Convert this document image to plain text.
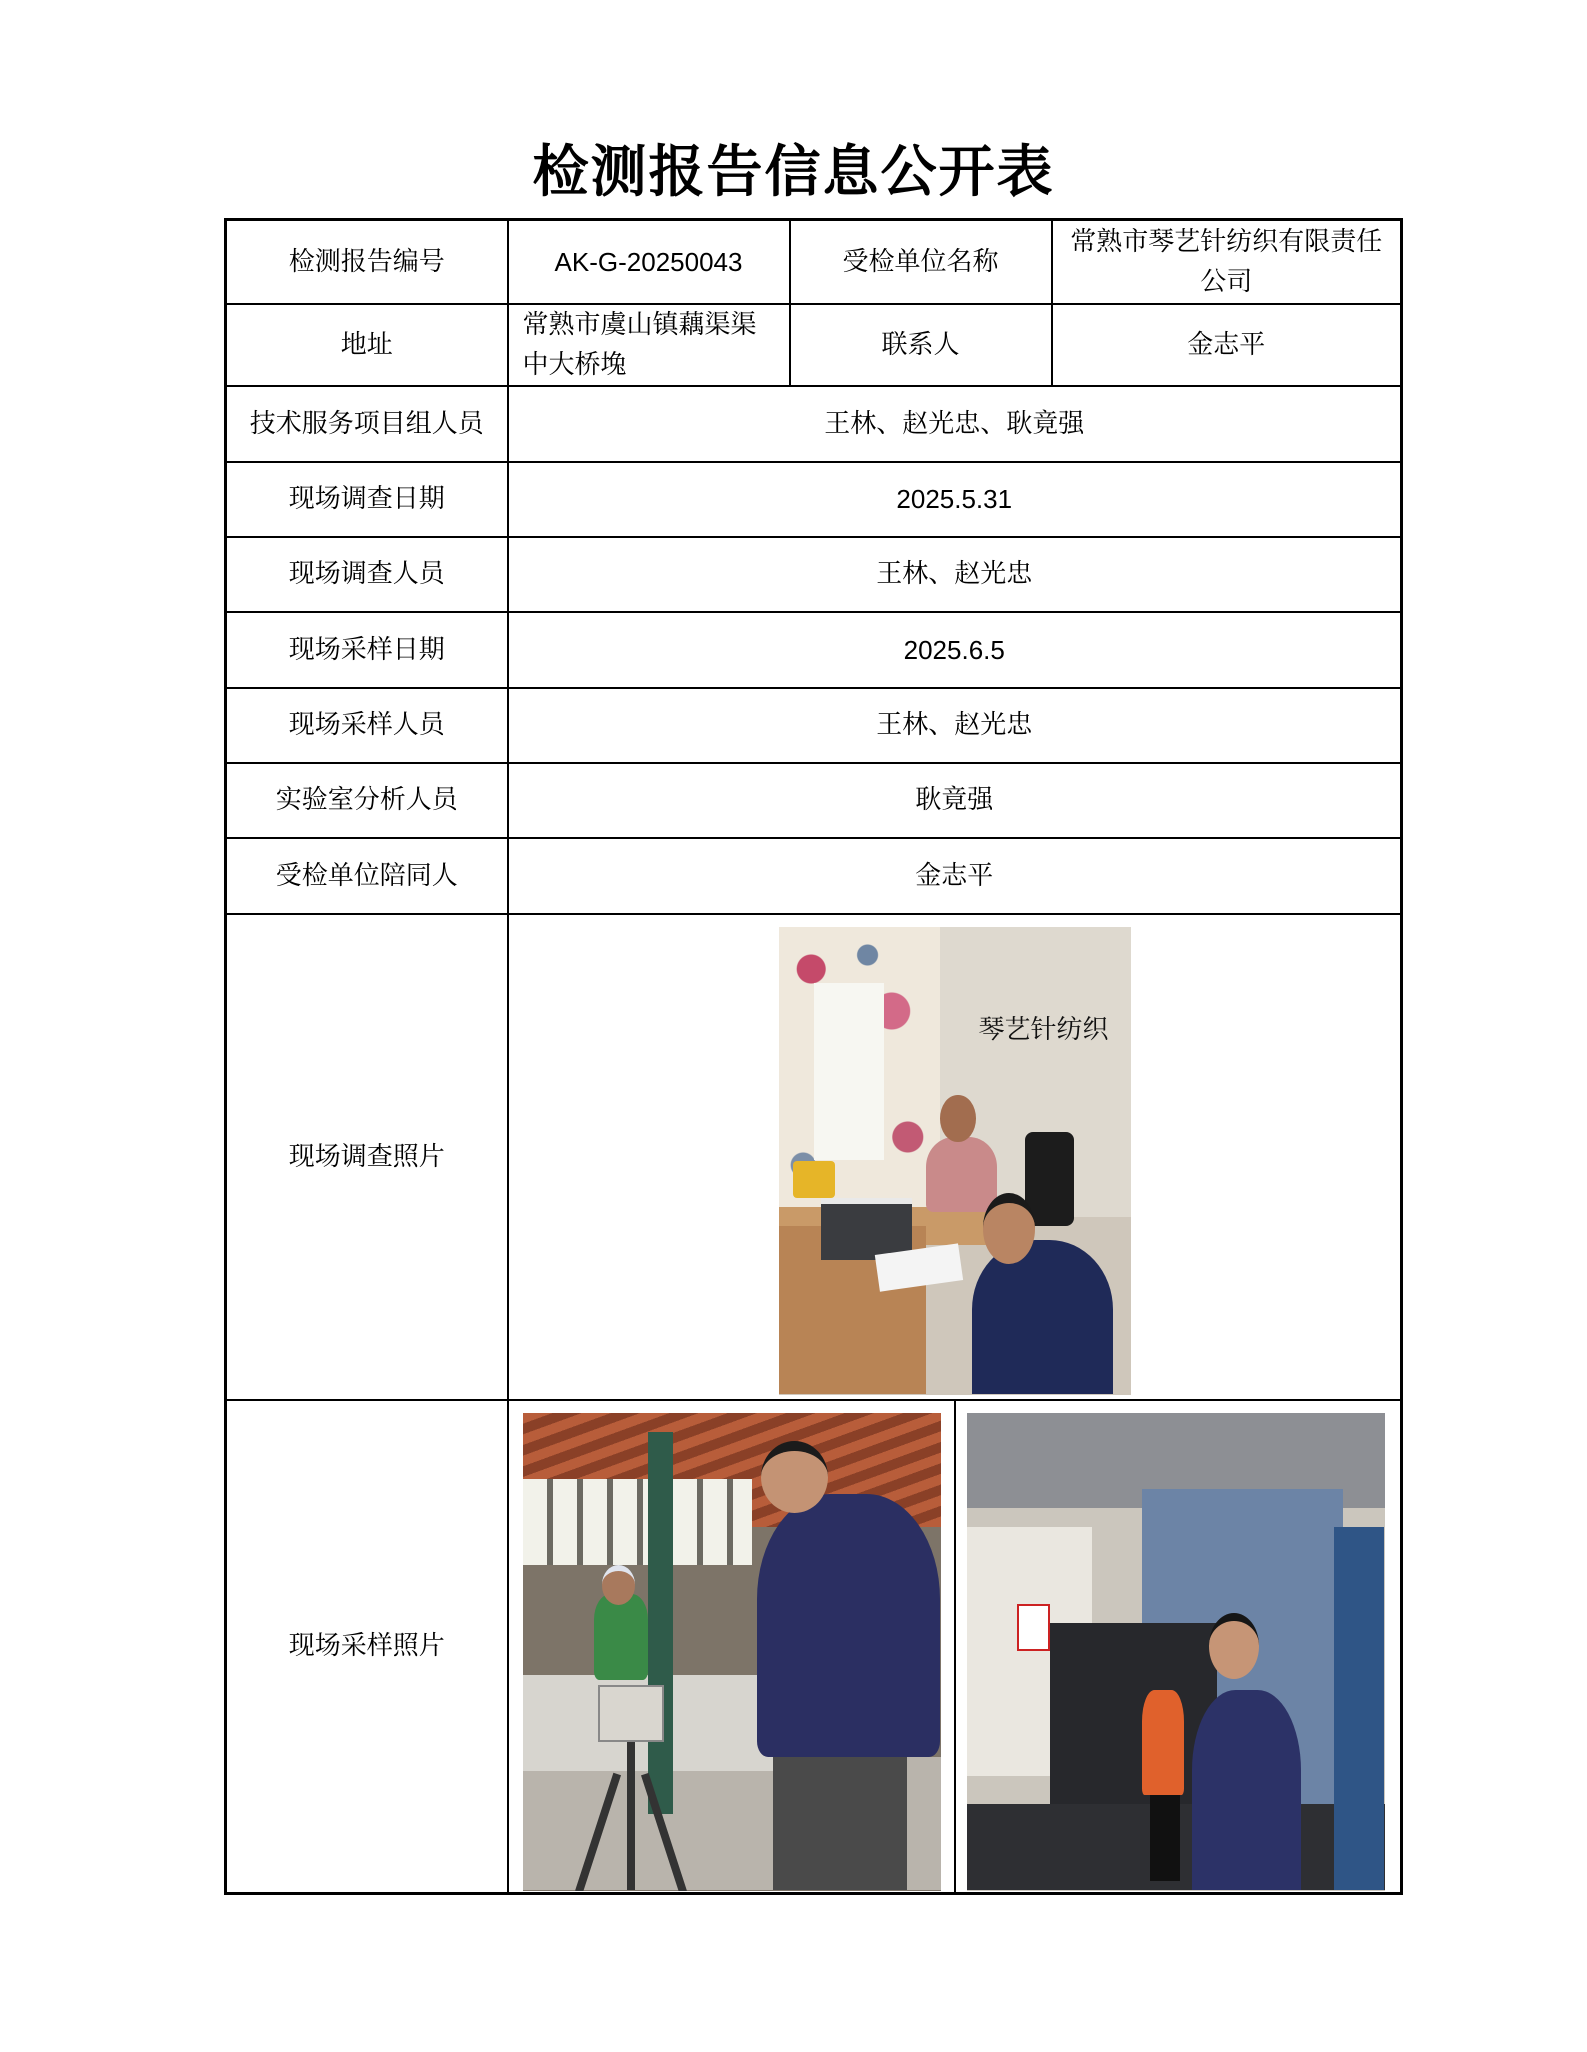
检测报告信息公开表
检测报告编号	AK-G-20250043	受检单位名称	常熟市琴艺针纺织有限责任公司
地址	常熟市虞山镇藕渠渠中大桥堍	联系人	金志平
技术服务项目组人员	王林、赵光忠、耿竟强		
现场调查日期	2025.5.31		
现场调查人员	王林、赵光忠		
现场采样日期	2025.6.5		
现场采样人员	王林、赵光忠		
实验室分析人员	耿竟强		
受检单位陪同人	金志平		
现场调查照片	琴艺针纺织		

现场采样照片			
